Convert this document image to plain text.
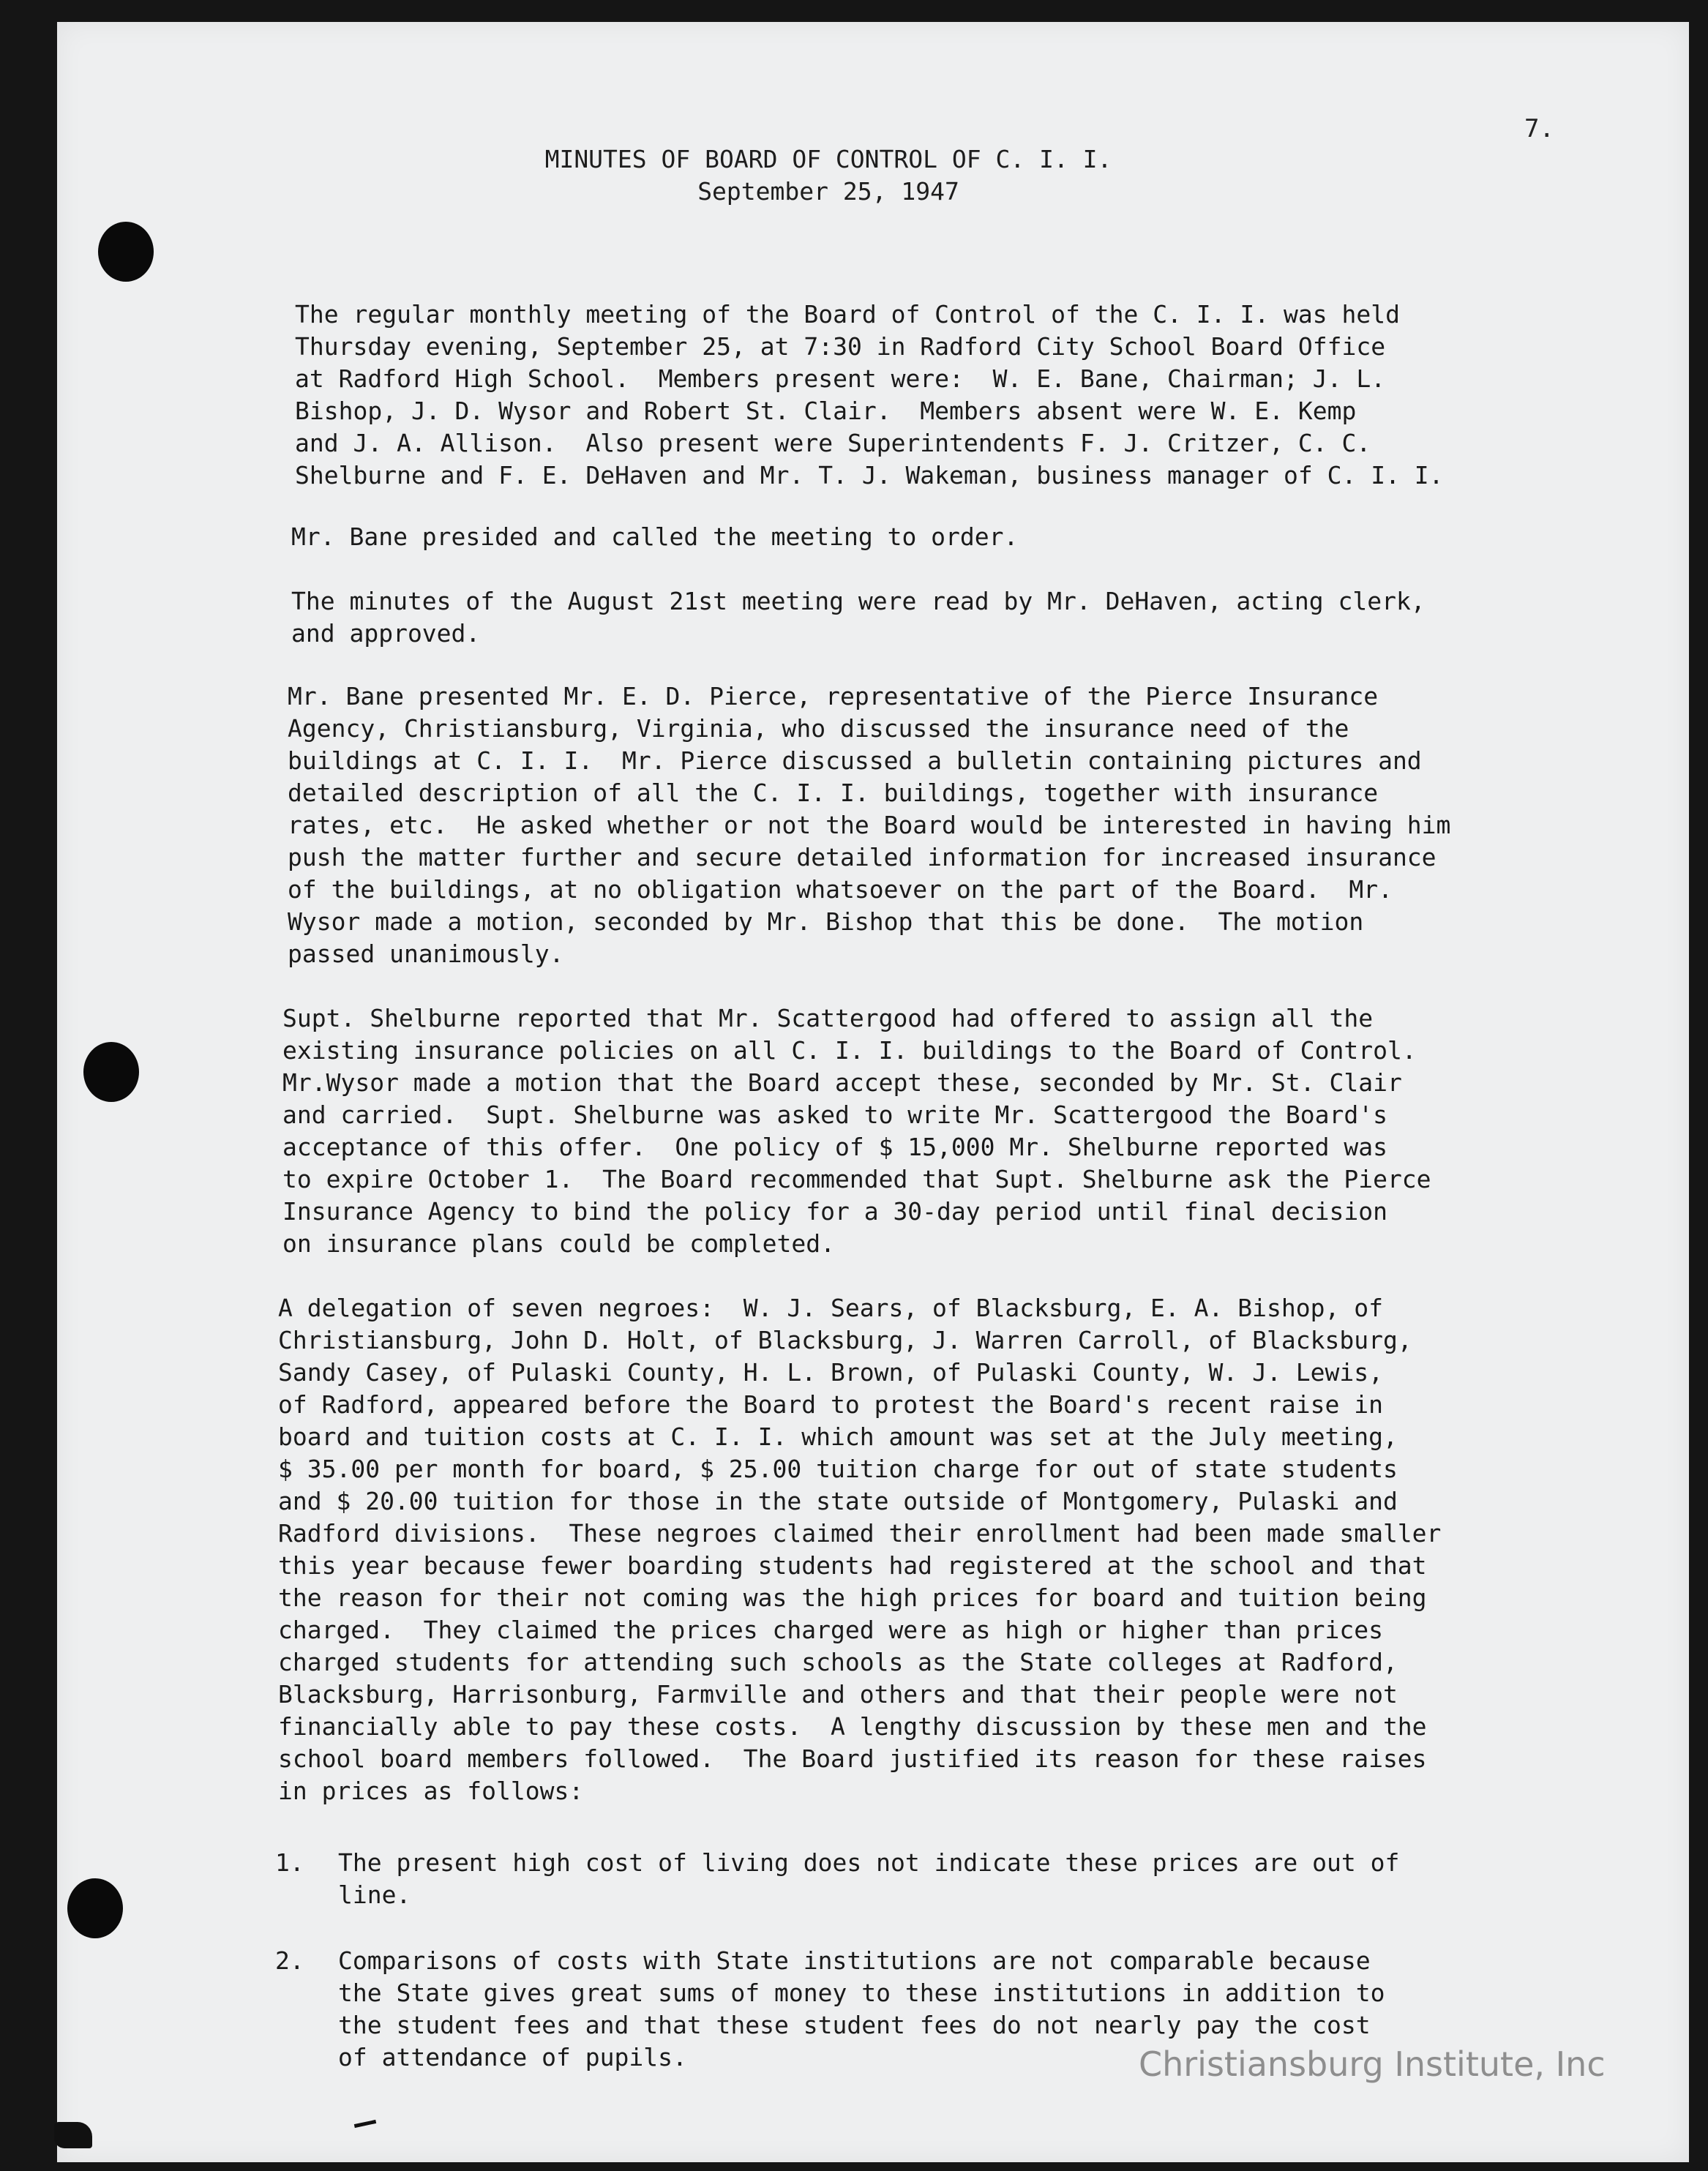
7.
MINUTES OF BOARD OF CONTROL OF C. I. I.
September 25, 1947

The regular monthly meeting of the Board of Control of the C. I. I. was held
Thursday evening, September 25, at 7:30 in Radford City School Board Office
at Radford High School.  Members present were:  W. E. Bane, Chairman; J. L.
Bishop, J. D. Wysor and Robert St. Clair.  Members absent were W. E. Kemp
and J. A. Allison.  Also present were Superintendents F. J. Critzer, C. C.
Shelburne and F. E. DeHaven and Mr. T. J. Wakeman, business manager of C. I. I.

Mr. Bane presided and called the meeting to order.

The minutes of the August 21st meeting were read by Mr. DeHaven, acting clerk,
and approved.

Mr. Bane presented Mr. E. D. Pierce, representative of the Pierce Insurance
Agency, Christiansburg, Virginia, who discussed the insurance need of the
buildings at C. I. I.  Mr. Pierce discussed a bulletin containing pictures and
detailed description of all the C. I. I. buildings, together with insurance
rates, etc.  He asked whether or not the Board would be interested in having him
push the matter further and secure detailed information for increased insurance
of the buildings, at no obligation whatsoever on the part of the Board.  Mr.
Wysor made a motion, seconded by Mr. Bishop that this be done.  The motion
passed unanimously.

Supt. Shelburne reported that Mr. Scattergood had offered to assign all the
existing insurance policies on all C. I. I. buildings to the Board of Control.
Mr.Wysor made a motion that the Board accept these, seconded by Mr. St. Clair
and carried.  Supt. Shelburne was asked to write Mr. Scattergood the Board's
acceptance of this offer.  One policy of $ 15,000 Mr. Shelburne reported was
to expire October 1.  The Board recommended that Supt. Shelburne ask the Pierce
Insurance Agency to bind the policy for a 30-day period until final decision
on insurance plans could be completed.

A delegation of seven negroes:  W. J. Sears, of Blacksburg, E. A. Bishop, of
Christiansburg, John D. Holt, of Blacksburg, J. Warren Carroll, of Blacksburg,
Sandy Casey, of Pulaski County, H. L. Brown, of Pulaski County, W. J. Lewis,
of Radford, appeared before the Board to protest the Board's recent raise in
board and tuition costs at C. I. I. which amount was set at the July meeting,
$ 35.00 per month for board, $ 25.00 tuition charge for out of state students
and $ 20.00 tuition for those in the state outside of Montgomery, Pulaski and
Radford divisions.  These negroes claimed their enrollment had been made smaller
this year because fewer boarding students had registered at the school and that
the reason for their not coming was the high prices for board and tuition being
charged.  They claimed the prices charged were as high or higher than prices
charged students for attending such schools as the State colleges at Radford,
Blacksburg, Harrisonburg, Farmville and others and that their people were not
financially able to pay these costs.  A lengthy discussion by these men and the
school board members followed.  The Board justified its reason for these raises
in prices as follows:

1. The present high cost of living does not indicate these prices are out of
line.
2. Comparisons of costs with State institutions are not comparable because
the State gives great sums of money to these institutions in addition to
the student fees and that these student fees do not nearly pay the cost
of attendance of pupils.	Christiansburg Institute, Inc
